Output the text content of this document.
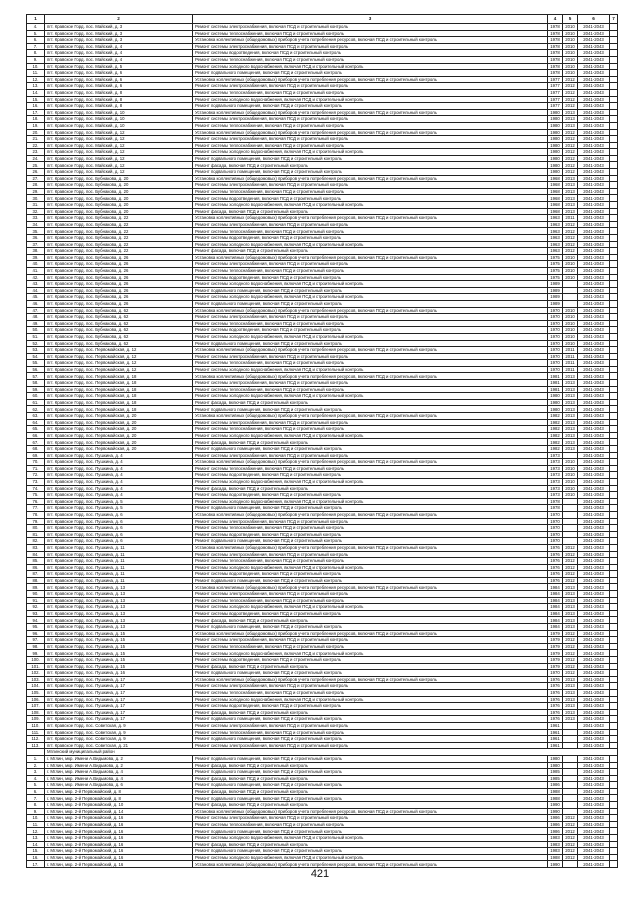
1	2	3	4	5	6	7
4.	пгт. Кравское Горд. пос. Майский, д. 3	Ремонт системы электроснабжения, включая ПСД и строительный контроль	1978	2010	2041-2043	
5.	пгт. Кравское Горд. пос. Майский, д. 3	Ремонт системы теплоснабжения, включая ПСД и строительный контроль	1978	2010	2041-2043	
6.	пгт. Кравское Горд. пос. Майский, д. 3	Установка коллективных (общедомовых) приборов учета потребления ресурсов, включая ПСД и строительный контроль	1978	2010	2041-2043	
7.	пгт. Кравское Горд. пос. Майский, д. 4	Ремонт системы электроснабжения, включая ПСД и строительный контроль	1978	2010	2041-2043	
8.	пгт. Кравское Горд. пос. Майский, д. 4	Ремонт системы водоотведения, включая ПСД и строительный контроль	1978	2010	2041-2043	
9.	пгт. Кравское Горд. пос. Майский, д. 4	Ремонт системы теплоснабжения, включая ПСД и строительный контроль	1978	2010	2041-2043	
10.	пгт. Кравское Горд. пос. Майский, д. 5	Ремонт системы холодного водоснабжения, включая ПСД и строительный контроль	1978	2010	2041-2043	
11.	пгт. Кравское Горд. пос. Майский, д. 6	Ремонт подвального помещения, включая ПСД и строительный контроль	1978	2010	2041-2043	
12.	пгт. Кравское Горд. пос. Майский, д. 6	Установка коллективных (общедомовых) приборов учета потребления ресурсов, включая ПСД и строительный контроль	1977	2012	2041-2043	
13.	пгт. Кравское Горд. пос. Майский, д. 6	Ремонт системы электроснабжения, включая ПСД и строительный контроль	1977	2012	2041-2043	
14.	пгт. Кравское Горд. пос. Майский, д. 8	Ремонт системы теплоснабжения, включая ПСД и строительный контроль	1977	2012	2041-2043	
15.	пгт. Кравское Горд. пос. Майский, д. 8	Ремонт системы холодного водоснабжения, включая ПСД и строительный контроль	1977	2012	2041-2043	
16.	пгт. Кравское Горд. пос. Майский, д. 8	Ремонт подвального помещения, включая ПСД и строительный контроль	1977	2012	2041-2043	
17.	пгт. Кравское Горд. пос. Майский, д. 10	Установка коллективных (общедомовых) приборов учета потребления ресурсов, включая ПСД и строительный контроль	1980	2013	2041-2043	
18.	пгт. Кравское Горд. пос. Майский, д. 10	Ремонт системы электроснабжения, включая ПСД и строительный контроль	1980	2013	2041-2043	
19.	пгт. Кравское Горд. пос. Майский, д. 10	Ремонт системы теплоснабжения, включая ПСД и строительный контроль	1980	2013	2041-2043	
20.	пгт. Кравское Горд. пос. Майский, д. 12	Установка коллективных (общедомовых) приборов учета потребления ресурсов, включая ПСД и строительный контроль	1980	2012	2041-2043	
21.	пгт. Кравское Горд. пос. Майский, д. 12	Ремонт системы электроснабжения, включая ПСД и строительный контроль	1980	2012	2041-2043	
22.	пгт. Кравское Горд. пос. Майский, д. 12	Ремонт системы теплоснабжения, включая ПСД и строительный контроль	1980	2012	2041-2043	
23.	пгт. Кравское Горд. пос. Майский, д. 12	Ремонт системы холодного водоснабжения, включая ПСД и строительный контроль	1980	2012	2041-2043	
24.	пгт. Кравское Горд. пос. Майский, д. 12	Ремонт подвального помещения, включая ПСД и строительный контроль	1980	2012	2041-2043	
25.	пгт. Кравское Горд. пос. Майский, д. 12	Ремонт фасада, включая ПСД и строительный контроль	1980	2012	2041-2043	
26.	пгт. Кравское Горд. пос. Майский, д. 12	Ремонт подвального помещения, включая ПСД и строительный контроль	1980	2012	2041-2043	
27.	пгт. Кравское Горд. пос. Бубнакова, д. 20	Установка коллективных (общедомовых) приборов учета потребления ресурсов, включая ПСД и строительный контроль	1968	2013	2041-2043	
28.	пгт. Кравское Горд. пос. Бубнакова, д. 20	Ремонт системы электроснабжения, включая ПСД и строительный контроль	1968	2013	2041-2043	
29.	пгт. Кравское Горд. пос. Бубнакова, д. 20	Ремонт системы теплоснабжения, включая ПСД и строительный контроль	1968	2013	2041-2043	
30.	пгт. Кравское Горд. пос. Бубнакова, д. 20	Ремонт системы водоотведения, включая ПСД и строительный контроль	1968	2013	2041-2043	
31.	пгт. Кравское Горд. пос. Бубнакова, д. 20	Ремонт системы холодного водоснабжения, включая ПСД и строительный контроль	1968	2013	2041-2043	
32.	пгт. Кравское Горд. пос. Бубнакова, д. 20	Ремонт фасада, включая ПСД и строительный контроль	1968	2013	2041-2043	
33.	пгт. Кравское Горд. пос. Бубнакова, д. 22	Установка коллективных (общедомовых) приборов учета потребления ресурсов, включая ПСД и строительный контроль	1963	2011	2041-2043	
34.	пгт. Кравское Горд. пос. Бубнакова, д. 22	Ремонт системы электроснабжения, включая ПСД и строительный контроль	1963	2012	2041-2043	
35.	пгт. Кравское Горд. пос. Бубнакова, д. 22	Ремонт системы теплоснабжения, включая ПСД и строительный контроль	1963	2012	2041-2043	
36.	пгт. Кравское Горд. пос. Бубнакова, д. 22	Ремонт системы водоотведения, включая ПСД и строительный контроль	1963	2012	2041-2043	
37.	пгт. Кравское Горд. пос. Бубнакова, д. 22	Ремонт системы холодного водоснабжения, включая ПСД и строительный контроль	1963	2012	2041-2043	
38.	пгт. Кравское Горд. пос. Бубнакова, д. 22	Ремонт фасада, включая ПСД и строительный контроль	1963	2012	2041-2043	
39.	пгт. Кравское Горд. пос. Бубнакова, д. 26	Установка коллективных (общедомовых) приборов учета потребления ресурсов, включая ПСД и строительный контроль	1975	2010	2041-2043	
40.	пгт. Кравское Горд. пос. Бубнакова, д. 26	Ремонт системы электроснабжения, включая ПСД и строительный контроль	1975	2010	2041-2043	
41.	пгт. Кравское Горд. пос. Бубнакова, д. 26	Ремонт системы теплоснабжения, включая ПСД и строительный контроль	1975	2010	2041-2043	
42.	пгт. Кравское Горд. пос. Бубнакова, д. 26	Ремонт системы водоотведения, включая ПСД и строительный контроль	1975	2010	2041-2043	
43.	пгт. Кравское Горд. пос. Бубнакова, д. 26	Ремонт системы холодного водоснабжения, включая ПСД и строительный контроль	1989		2041-2043	
44.	пгт. Кравское Горд. пос. Бубнакова, д. 26	Ремонт подвального помещения, включая ПСД и строительный контроль	1989		2041-2043	
45.	пгт. Кравское Горд. пос. Бубнакова, д. 26	Ремонт системы холодного водоснабжения, включая ПСД и строительный контроль	1989		2041-2043	
46.	пгт. Кравское Горд. пос. Бубнакова, д. 26	Ремонт подвального помещения, включая ПСД и строительный контроль	1989		2041-2043	
47.	пгт. Кравское Горд. пос. Бубнакова, д. 62	Установка коллективных (общедомовых) приборов учета потребления ресурсов, включая ПСД и строительный контроль	1970	2010	2041-2043	
48.	пгт. Кравское Горд. пос. Бубнакова, д. 62	Ремонт системы электроснабжения, включая ПСД и строительный контроль	1970	2010	2041-2043	
49.	пгт. Кравское Горд. пос. Бубнакова, д. 62	Ремонт системы теплоснабжения, включая ПСД и строительный контроль	1970	2010	2041-2043	
50.	пгт. Кравское Горд. пос. Бубнакова, д. 62	Ремонт системы водоотведения, включая ПСД и строительный контроль	1970	2010	2041-2043	
51.	пгт. Кравское Горд. пос. Бубнакова, д. 62	Ремонт системы холодного водоснабжения, включая ПСД и строительный контроль	1970	2010	2041-2043	
52.	пгт. Кравское Горд. пос. Бубнакова, д. 62	Ремонт подвального помещения, включая ПСД и строительный контроль	1970	2010	2041-2043	
53.	пгт. Кравское Горд. пос. Первомайская, д. 12	Установка коллективных (общедомовых) приборов учета потребления ресурсов, включая ПСД и строительный контроль	1970	2011	2041-2043	
54.	пгт. Кравское Горд. пос. Первомайская, д. 12	Ремонт системы электроснабжения, включая ПСД и строительный контроль	1970	2011	2041-2043	
55.	пгт. Кравское Горд. пос. Первомайская, д. 12	Ремонт системы теплоснабжения, включая ПСД и строительный контроль	1970	2011	2041-2043	
56.	пгт. Кравское Горд. пос. Первомайская, д. 12	Ремонт системы холодного водоснабжения, включая ПСД и строительный контроль	1970	2011	2041-2043	
57.	пгт. Кравское Горд. пос. Первомайская, д. 18	Установка коллективных (общедомовых) приборов учета потребления ресурсов, включая ПСД и строительный контроль	1981	2013	2041-2043	
58.	пгт. Кравское Горд. пос. Первомайская, д. 18	Ремонт системы электроснабжения, включая ПСД и строительный контроль	1981	2013	2041-2043	
59.	пгт. Кравское Горд. пос. Первомайская, д. 18	Ремонт системы теплоснабжения, включая ПСД и строительный контроль	1981	2013	2041-2043	
60.	пгт. Кравское Горд. пос. Первомайская, д. 18	Ремонт системы холодного водоснабжения, включая ПСД и строительный контроль	1980	2013	2041-2043	
61.	пгт. Кравское Горд. пос. Первомайская, д. 18	Ремонт фасада, включая ПСД и строительный контроль	1980	2013	2041-2043	
62.	пгт. Кравское Горд. пос. Первомайская, д. 18	Ремонт подвального помещения, включая ПСД и строительный контроль	1980	2013	2041-2043	
63.	пгт. Кравское Горд. пос. Первомайская, д. 20	Установка коллективных (общедомовых) приборов учета потребления ресурсов, включая ПСД и строительный контроль	1982	2013	2041-2043	
64.	пгт. Кравское Горд. пос. Первомайская, д. 20	Ремонт системы электроснабжения, включая ПСД и строительный контроль	1982	2013	2041-2043	
65.	пгт. Кравское Горд. пос. Первомайская, д. 20	Ремонт системы теплоснабжения, включая ПСД и строительный контроль	1982	2013	2041-2043	
66.	пгт. Кравское Горд. пос. Первомайская, д. 20	Ремонт системы холодного водоснабжения, включая ПСД и строительный контроль	1982	2013	2041-2043	
67.	пгт. Кравское Горд. пос. Первомайская, д. 20	Ремонт фасада, включая ПСД и строительный контроль	1982	2013	2041-2043	
68.	пгт. Кравское Горд. пос. Первомайская, д. 20	Ремонт подвального помещения, включая ПСД и строительный контроль	1982	2013	2041-2043	
69.	пгт. Кравское Горд. пос. Пушкина, д. 4	Ремонт системы электроснабжения, включая ПСД и строительный контроль	1973		2041-2043	
70.	пгт. Кравское Горд. пос. Пушкина, д. 4	Установка коллективных (общедомовых) приборов учета потребления ресурсов, включая ПСД и строительный контроль	1973	2010	2041-2043	
71.	пгт. Кравское Горд. пос. Пушкина, д. 4	Ремонт системы теплоснабжения, включая ПСД и строительный контроль	1973	2010	2041-2043	
72.	пгт. Кравское Горд. пос. Пушкина, д. 4	Ремонт системы водоотведения, включая ПСД и строительный контроль	1973	2010	2041-2043	
73.	пгт. Кравское Горд. пос. Пушкина, д. 4	Ремонт системы холодного водоснабжения, включая ПСД и строительный контроль	1973	2010	2041-2043	
74.	пгт. Кравское Горд. пос. Пушкина, д. 4	Ремонт фасада, включая ПСД и строительный контроль	1973	2010	2041-2043	
75.	пгт. Кравское Горд. пос. Пушкина, д. 4	Ремонт системы водоотведения, включая ПСД и строительный контроль	1973	2010	2041-2043	
76.	пгт. Кравское Горд. пос. Пушкина, д. 5	Ремонт системы холодного водоснабжения, включая ПСД и строительный контроль	1978		2041-2043	
77.	пгт. Кравское Горд. пос. Пушкина, д. 5	Ремонт подвального помещения, включая ПСД и строительный контроль	1978		2041-2043	
78.	пгт. Кравское Горд. пос. Пушкина, д. 6	Установка коллективных (общедомовых) приборов учета потребления ресурсов, включая ПСД и строительный контроль	1970		2041-2043	
79.	пгт. Кравское Горд. пос. Пушкина, д. 6	Ремонт системы электроснабжения, включая ПСД и строительный контроль	1970		2041-2043	
80.	пгт. Кравское Горд. пос. Пушкина, д. 6	Ремонт системы теплоснабжения, включая ПСД и строительный контроль	1970		2041-2043	
81.	пгт. Кравское Горд. пос. Пушкина, д. 6	Ремонт системы водоотведения, включая ПСД и строительный контроль	1970		2041-2043	
82.	пгт. Кравское Горд. пос. Пушкина, д. 6	Ремонт подвального помещения, включая ПСД и строительный контроль	1970		2041-2043	
83.	пгт. Кравское Горд. пос. Пушкина, д. 11	Установка коллективных (общедомовых) приборов учета потребления ресурсов, включая ПСД и строительный контроль	1976	2012	2041-2043	
84.	пгт. Кравское Горд. пос. Пушкина, д. 11	Ремонт системы электроснабжения, включая ПСД и строительный контроль	1976	2012	2041-2043	
85.	пгт. Кравское Горд. пос. Пушкина, д. 11	Ремонт системы теплоснабжения, включая ПСД и строительный контроль	1976	2012	2041-2043	
86.	пгт. Кравское Горд. пос. Пушкина, д. 11	Ремонт системы холодного водоснабжения, включая ПСД и строительный контроль	1976	2012	2041-2043	
87.	пгт. Кравское Горд. пос. Пушкина, д. 11	Ремонт системы водоотведения, включая ПСД и строительный контроль	1976	2012	2041-2043	
88.	пгт. Кравское Горд. пос. Пушкина, д. 11	Ремонт подвального помещения, включая ПСД и строительный контроль	1976	2012	2041-2043	
89.	пгт. Кравское Горд. пос. Пушкина, д. 13	Установка коллективных (общедомовых) приборов учета потребления ресурсов, включая ПСД и строительный контроль	1984	2013	2041-2043	
90.	пгт. Кравское Горд. пос. Пушкина, д. 13	Ремонт системы электроснабжения, включая ПСД и строительный контроль	1984	2013	2041-2043	
91.	пгт. Кравское Горд. пос. Пушкина, д. 13	Ремонт системы теплоснабжения, включая ПСД и строительный контроль	1984	2013	2041-2043	
92.	пгт. Кравское Горд. пос. Пушкина, д. 13	Ремонт системы холодного водоснабжения, включая ПСД и строительный контроль	1984	2013	2041-2043	
93.	пгт. Кравское Горд. пос. Пушкина, д. 13	Ремонт системы водоотведения, включая ПСД и строительный контроль	1984	2013	2041-2043	
94.	пгт. Кравское Горд. пос. Пушкина, д. 13	Ремонт фасада, включая ПСД и строительный контроль	1984	2013	2041-2043	
95.	пгт. Кравское Горд. пос. Пушкина, д. 13	Ремонт подвального помещения, включая ПСД и строительный контроль	1984	2013	2041-2043	
96.	пгт. Кравское Горд. пос. Пушкина, д. 15	Установка коллективных (общедомовых) приборов учета потребления ресурсов, включая ПСД и строительный контроль	1979	2012	2041-2043	
97.	пгт. Кравское Горд. пос. Пушкина, д. 15	Ремонт системы электроснабжения, включая ПСД и строительный контроль	1979	2012	2041-2043	
98.	пгт. Кравское Горд. пос. Пушкина, д. 15	Ремонт системы теплоснабжения, включая ПСД и строительный контроль	1979	2012	2041-2043	
99.	пгт. Кравское Горд. пос. Пушкина, д. 15	Ремонт системы холодного водоснабжения, включая ПСД и строительный контроль	1979	2012	2041-2043	
100.	пгт. Кравское Горд. пос. Пушкина, д. 15	Ремонт системы водоотведения, включая ПСД и строительный контроль	1979	2012	2041-2043	
101.	пгт. Кравское Горд. пос. Пушкина, д. 15	Ремонт фасада, включая ПСД и строительный контроль	1979	2012	2041-2043	
102.	пгт. Кравское Горд. пос. Пушкина, д. 16	Ремонт подвального помещения, включая ПСД и строительный контроль	1970	2012	2041-2043	
103.	пгт. Кравское Горд. пос. Пушкина, д. 17	Установка коллективных (общедомовых) приборов учета потребления ресурсов, включая ПСД и строительный контроль	1976	2013	2041-2043	
104.	пгт. Кравское Горд. пос. Пушкина, д. 17	Ремонт системы электроснабжения, включая ПСД и строительный контроль	1976	2013	2041-2043	
105.	пгт. Кравское Горд. пос. Пушкина, д. 17	Ремонт системы теплоснабжения, включая ПСД и строительный контроль	1976	2013	2041-2043	
106.	пгт. Кравское Горд. пос. Пушкина, д. 17	Ремонт системы холодного водоснабжения, включая ПСД и строительный контроль	1976	2013	2041-2043	
107.	пгт. Кравское Горд. пос. Пушкина, д. 17	Ремонт системы водоотведения, включая ПСД и строительный контроль	1976	2013	2041-2043	
108.	пгт. Кравское Горд. пос. Пушкина, д. 17	Ремонт фасада, включая ПСД и строительный контроль	1976	2013	2041-2043	
109.	пгт. Кравское Горд. пос. Пушкина, д. 17	Ремонт подвального помещения, включая ПСД и строительный контроль	1976	2013	2041-2043	
110.	пгт. Кравское Горд. пос. Советская, д. 9	Ремонт системы электроснабжения, включая ПСД и строительный контроль	1961		2041-2043	
111.	пгт. Кравское Горд. пос. Советская, д. 9	Ремонт системы теплоснабжения, включая ПСД и строительный контроль	1961		2041-2043	
112.	пгт. Кравское Горд. пос. Советская, д. 9	Ремонт подвального помещения, включая ПСД и строительный контроль	1961		2041-2043	
113.	пгт. Кравское Горд. пос. Советская, д. 21	Ремонт системы электроснабжения, включая ПСД и строительный контроль	1961		2041-2043	
	Мглинский муниципальный район					
1.	г. Мглин, мкр. Имени А.Видьмова, д. 2	Ремонт подвального помещения, включая ПСД и строительный контроль	1980		2041-2043	
2.	г. Мглин, мкр. Имени А.Видьмова, д. 2	Ремонт фасада, включая ПСД и строительный контроль	1980		2041-2043	
3.	г. Мглин, мкр. Имени А.Видьмова, д. 4	Ремонт подвального помещения, включая ПСД и строительный контроль	1985		2041-2043	
4.	г. Мглин, мкр. Имени А.Видьмова, д. 4	Ремонт фасада, включая ПСД и строительный контроль	1985		2041-2043	
5.	г. Мглин, мкр. Имени А.Видьмова, д. 6	Ремонт подвального помещения, включая ПСД и строительный контроль	1986		2041-2043	
6.	г. Мглин, мкр. 2-й Первомайский, д. 8	Ремонт фасада, включая ПСД и строительный контроль	1988		2041-2043	
7.	г. Мглин, мкр. 2-й Первомайский, д. 8	Ремонт подвального помещения, включая ПСД и строительный контроль	1988		2041-2043	
8.	г. Мглин, мкр. 2-й Первомайский, д. 10	Ремонт фасада, включая ПСД и строительный контроль	1990		2041-2043	
9.	г. Мглин, мкр. 2-й Первомайский, д. 14	Установка коллективных (общедомовых) приборов учета потребления ресурсов, включая ПСД и строительный контроль	1990		2041-2043	
10.	г. Мглин, мкр. 2-й Первомайский, д. 16	Ремонт системы электроснабжения, включая ПСД и строительный контроль	1986	2012	2041-2043	
11.	г. Мглин, мкр. 2-й Первомайский, д. 16	Ремонт системы теплоснабжения, включая ПСД и строительный контроль	1986	2012	2041-2043	
12.	г. Мглин, мкр. 2-й Первомайский, д. 16	Ремонт подвального помещения, включая ПСД и строительный контроль	1986	2012	2041-2043	
13.	г. Мглин, мкр. 2-й Первомайский, д. 16	Ремонт системы холодного водоснабжения, включая ПСД и строительный контроль	1983	2012	2041-2043	
14.	г. Мглин, мкр. 2-й Первомайский, д. 16	Ремонт фасада, включая ПСД и строительный контроль	1983	2012	2041-2043	
15.	г. Мглин, мкр. 2-й Первомайский, д. 16	Ремонт подвального помещения, включая ПСД и строительный контроль	1983	2012	2041-2043	
16.	г. Мглин, мкр. 2-й Первомайский, д. 16	Ремонт системы холодного водоснабжения, включая ПСД и строительный контроль	1988	2012	2041-2043	
17.	г. Мглин, мкр. 2-й Первомайский, д. 16	Установка коллективных (общедомовых) приборов учета потребления ресурсов, включая ПСД и строительный контроль	1990		2041-2043	
421
